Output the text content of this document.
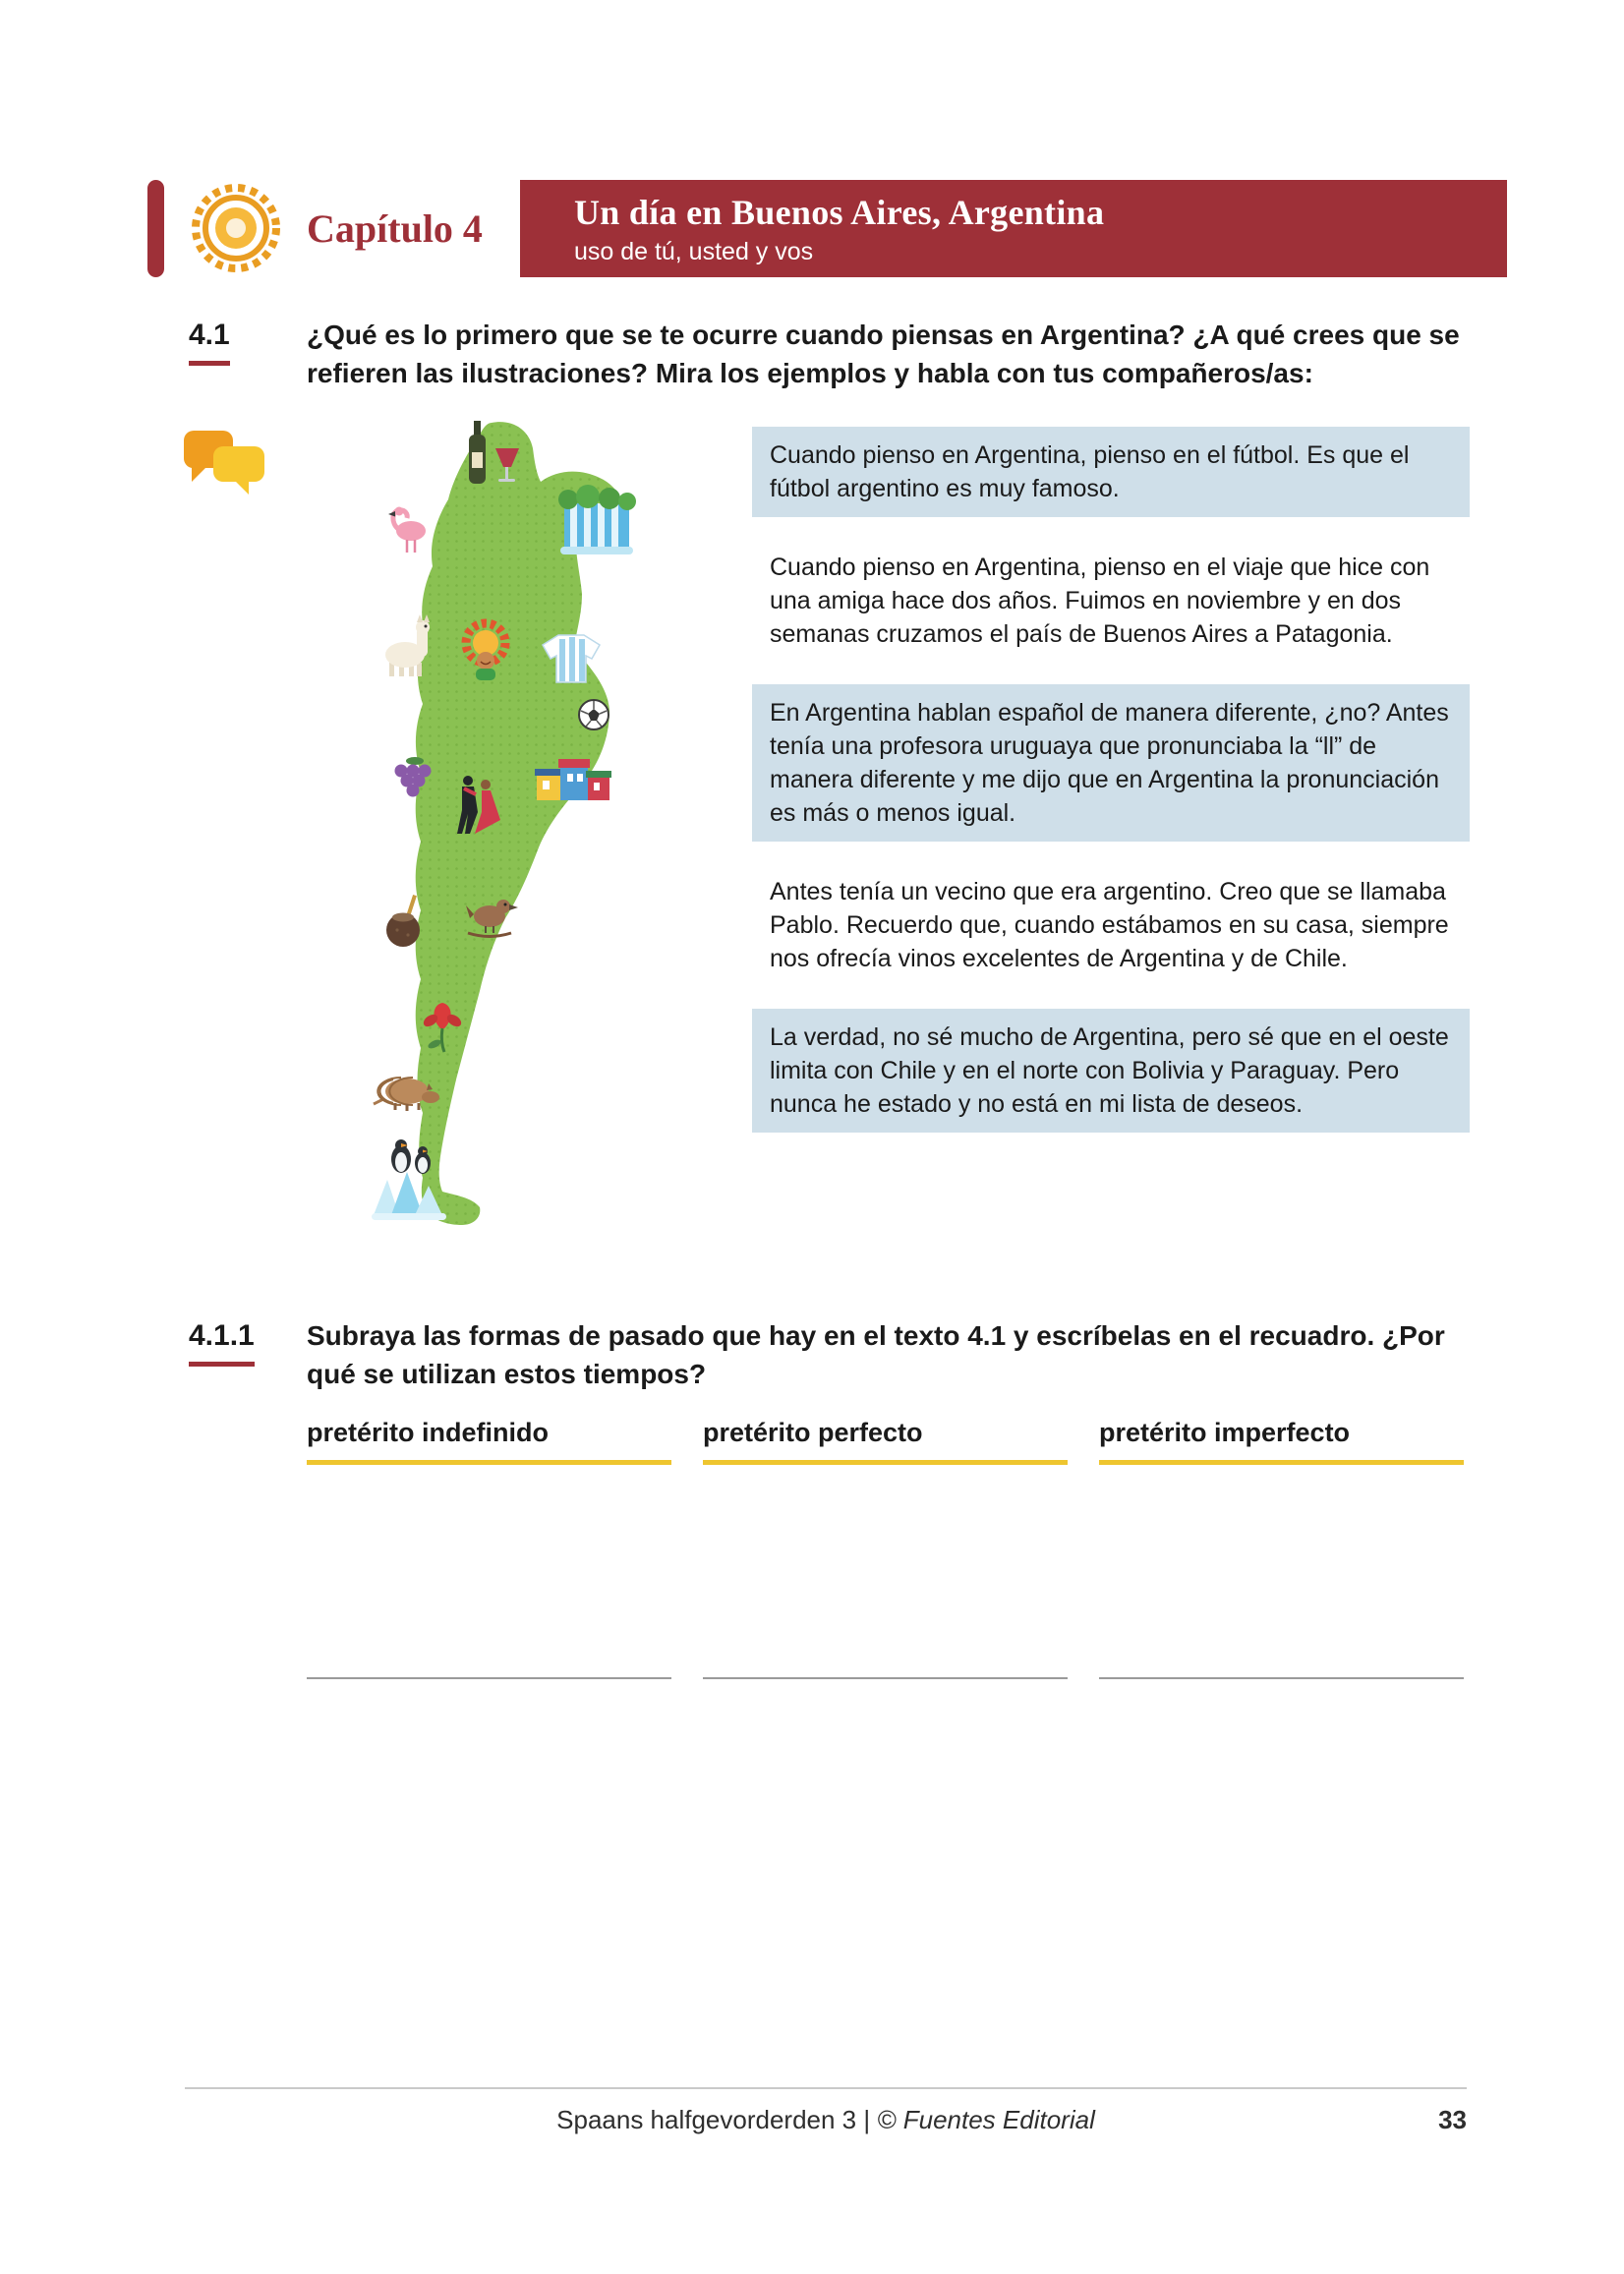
Capítulo 4	Un día en Buenos Aires, Argentina
uso de tú, usted y vos
4.1	¿Qué es lo primero que se te ocurre cuando piensas en Argentina? ¿A qué crees que se refieren las ilustraciones? Mira los ejemplos y habla con tus compañeros/as:
Cuando pienso en Argentina, pienso en el fútbol. Es que el fútbol argentino es muy famoso.
Cuando pienso en Argentina, pienso en el viaje que hice con una amiga hace dos años. Fuimos en noviembre y en dos semanas cruzamos el país de Buenos Aires a Patagonia.
En Argentina hablan español de manera diferente, ¿no? Antes tenía una profesora uruguaya que pronunciaba la “ll” de manera diferente y me dijo que en Argentina la pronunciación es más o menos igual.
Antes tenía un vecino que era argentino. Creo que se llamaba Pablo. Recuerdo que, cuando estábamos en su casa, siempre nos ofrecía vinos excelentes de Argentina y de Chile.
La verdad, no sé mucho de Argentina, pero sé que en el oeste limita con Chile y en el norte con Bolivia y Paraguay. Pero nunca he estado y no está en mi lista de deseos.
4.1.1	Subraya las formas de pasado que hay en el texto 4.1 y escríbelas en el recuadro. ¿Por qué se utilizan estos tiempos?
pretérito indefinido	pretérito perfecto	pretérito imperfecto
Spaans halfgevorderden 3 | © Fuentes Editorial	33
